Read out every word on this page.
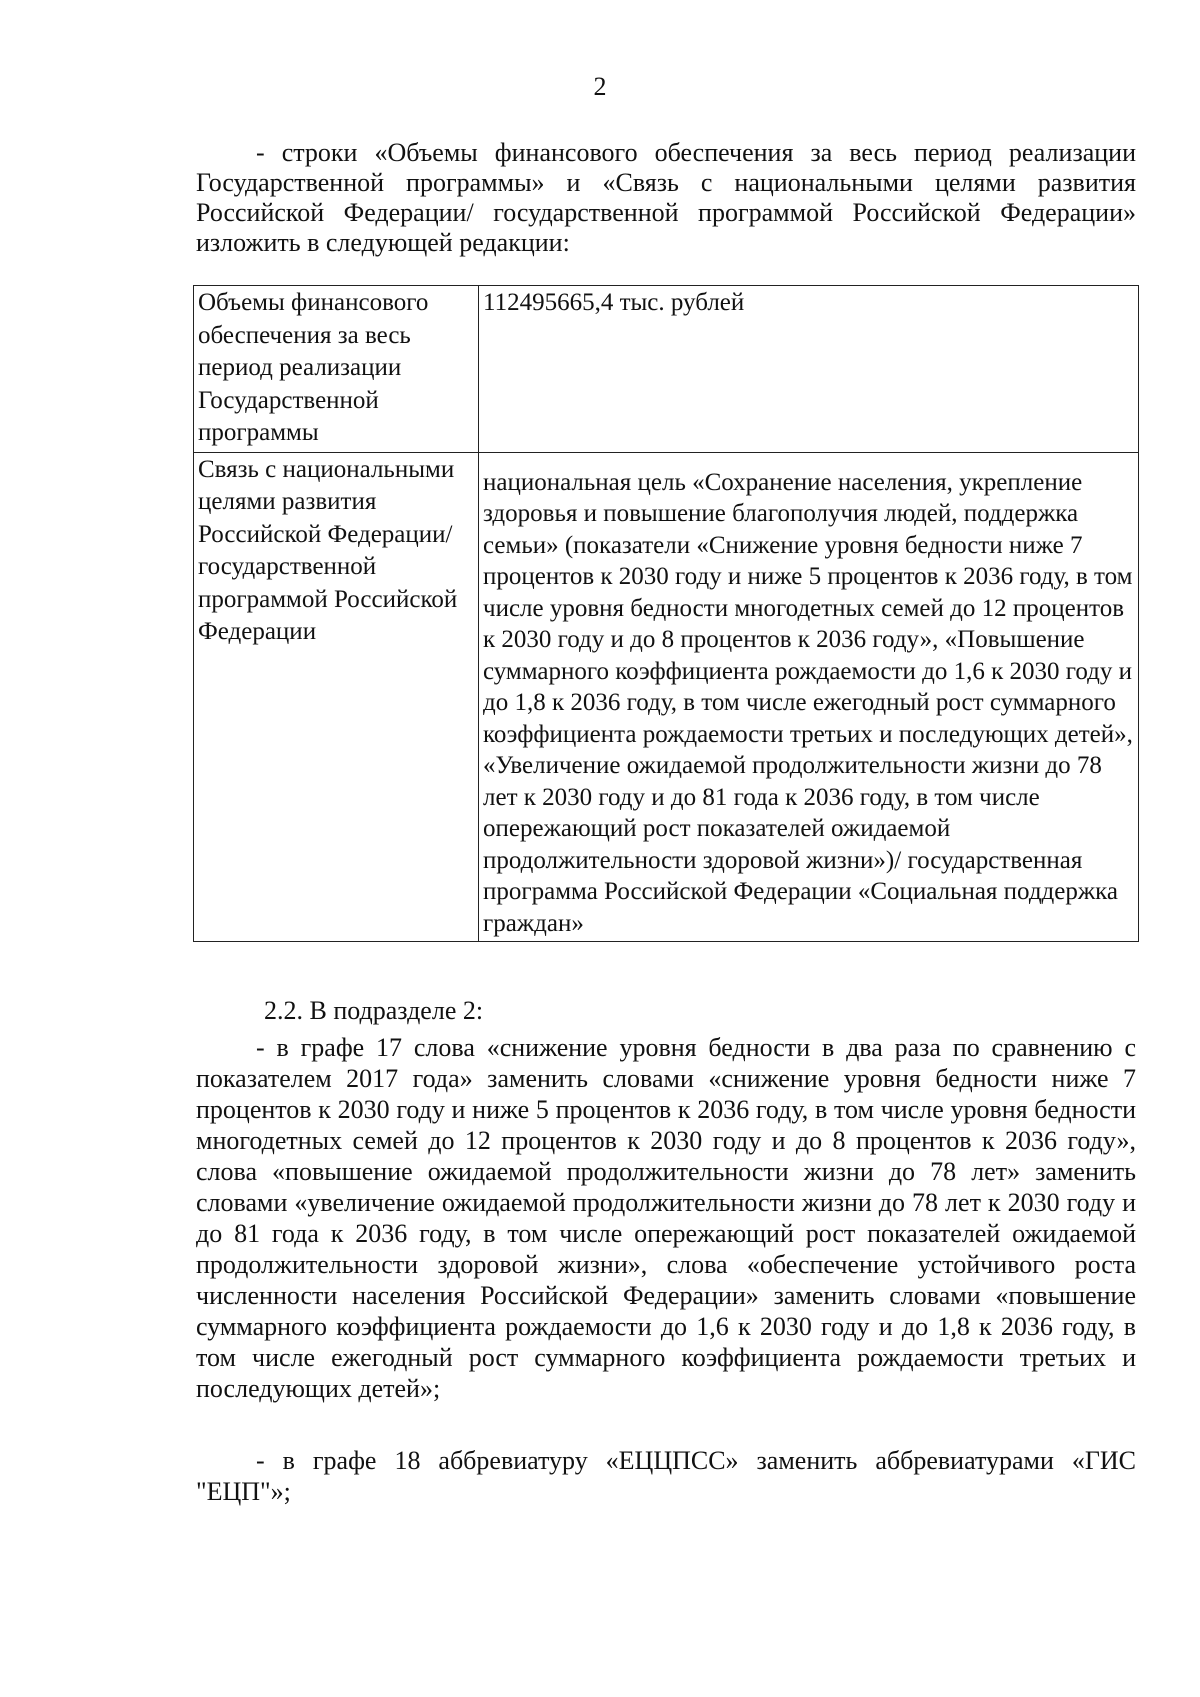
2

- строки «Объемы финансового обеспечения за весь период реализации Государственной программы» и «Связь с национальными целями развития Российской Федерации/ государственной программой Российской Федерации» изложить в следующей редакции:

Объемы финансового обеспечения за весь период реализации Государственной программы	112495665,4 тыс. рублей
Связь с национальными целями развития Российской Федерации/ государственной программой Российской Федерации	национальная цель «Сохранение населения, укрепление здоровья и повышение благополучия людей, поддержка семьи» (показатели «Снижение уровня бедности ниже 7 процентов к 2030 году и ниже 5 процентов к 2036 году, в том числе уровня бедности многодетных семей до 12 процентов к 2030 году и до 8 процентов к 2036 году», «Повышение суммарного коэффициента рождаемости до 1,6 к 2030 году и до 1,8 к 2036 году, в том числе ежегодный рост суммарного коэффициента рождаемости третьих и последующих детей», «Увеличение ожидаемой продолжительности жизни до 78 лет к 2030 году и до 81 года к 2036 году, в том числе опережающий рост показателей ожидаемой продолжительности здоровой жизни»)/ государственная программа Российской Федерации «Социальная поддержка граждан»

2.2. В подразделе 2:

- в графе 17 слова «снижение уровня бедности в два раза по сравнению с показателем 2017 года» заменить словами «снижение уровня бедности ниже 7 процентов к 2030 году и ниже 5 процентов к 2036 году, в том числе уровня бедности многодетных семей до 12 процентов к 2030 году и до 8 процентов к 2036 году», слова «повышение ожидаемой продолжительности жизни до 78 лет» заменить словами «увеличение ожидаемой продолжительности жизни до 78 лет к 2030 году и до 81 года к 2036 году, в том числе опережающий рост показателей ожидаемой продолжительности здоровой жизни», слова «обеспечение устойчивого роста численности населения Российской Федерации» заменить словами «повышение суммарного коэффициента рождаемости до 1,6 к 2030 году и до 1,8 к 2036 году, в том числе ежегодный рост суммарного коэффициента рождаемости третьих и последующих детей»;

- в графе 18 аббревиатуру «ЕЦЦПСС» заменить аббревиатурами «ГИС "ЕЦП"»;
